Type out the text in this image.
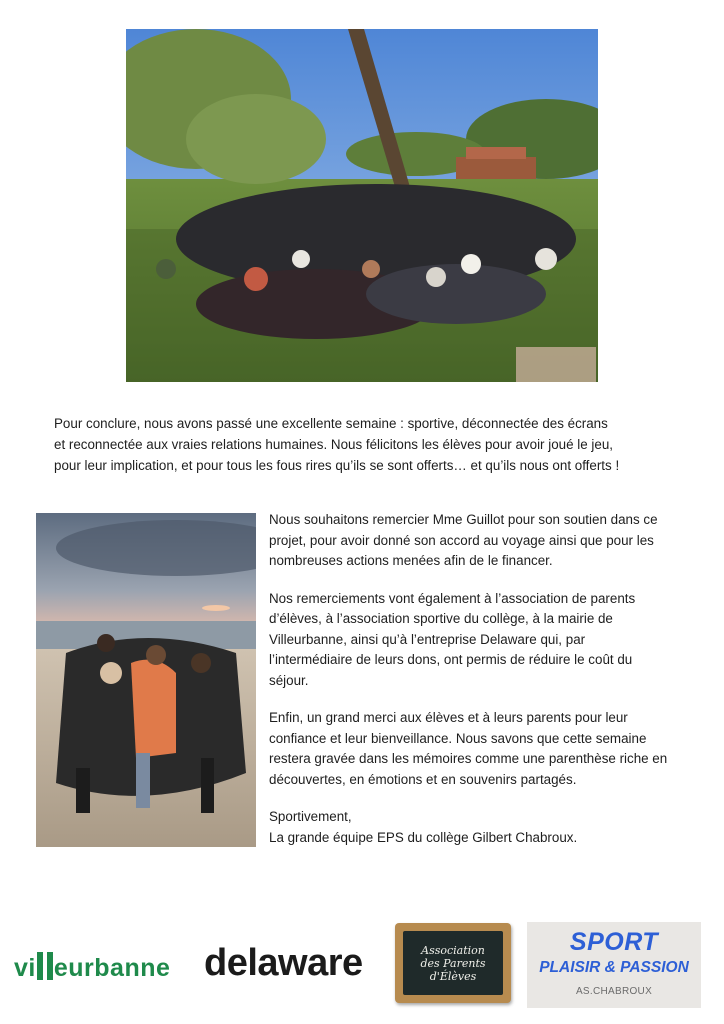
Pour conclure, nous avons passé une excellente semaine : sportive, déconnectée des écrans
et reconnectée aux vraies relations humaines. Nous félicitons les élèves pour avoir joué le jeu,
pour leur implication, et pour tous les fous rires qu’ils se sont offerts… et qu’ils nous ont offerts !

Nous souhaitons remercier Mme Guillot pour son soutien dans ce
projet, pour avoir donné son accord au voyage ainsi que pour les
nombreuses actions menées afin de le financer.

Nos remerciements vont également à l’association de parents
d’élèves, à l’association sportive du collège, à la mairie de
Villeurbanne, ainsi qu’à l’entreprise Delaware qui, par
l’intermédiaire de leurs dons, ont permis de réduire le coût du
séjour.

Enfin, un grand merci aux élèves et à leurs parents pour leur
confiance et leur bienveillance. Nous savons que cette semaine
restera gravée dans les mémoires comme une parenthèse riche en
découvertes, en émotions et en souvenirs partagés.

Sportivement,
La grande équipe EPS du collège Gilbert Chabroux.

vi eurbanne delaware	Association
des Parents
d'Élèves
SPORT
PLAISIR & PASSION
AS.CHABROUX
